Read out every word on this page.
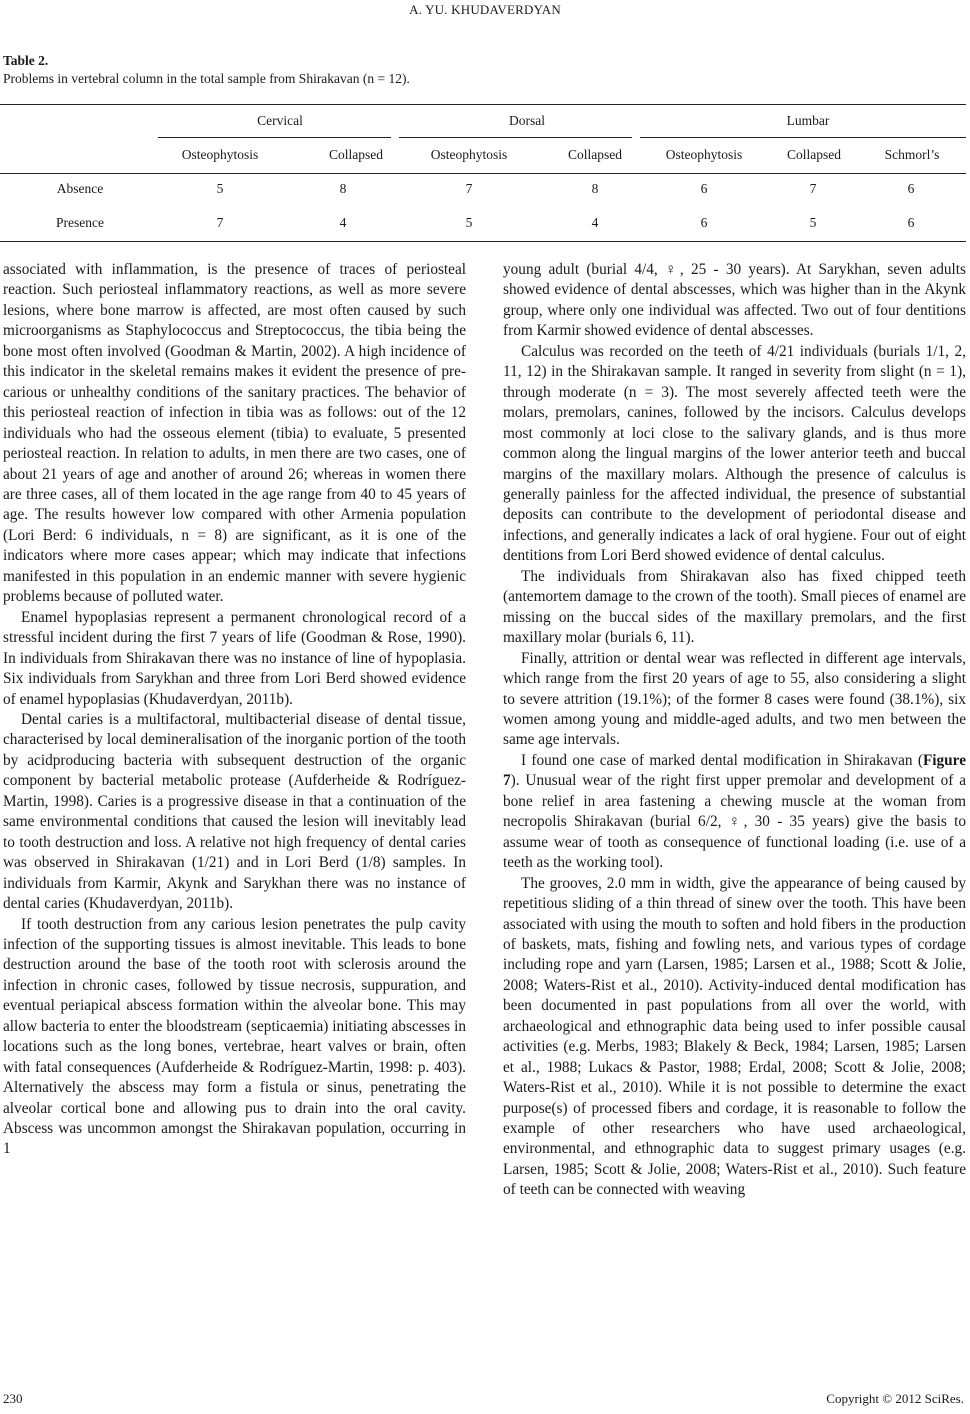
A. YU. KHUDAVERDYAN
Table 2.
Problems in vertebral column in the total sample from Shirakavan (n = 12).
Cervical	Dorsal	Lumbar
Osteophytosis	Collapsed	Osteophytosis	Collapsed	Osteophytosis	Collapsed	Schmorl’s
Absence	5	8	7	8	6	7	6
Presence	7	4	5	4	6	5	6

associated with inflammation, is the presence of traces of periosteal reaction. Such periosteal inflammatory reactions, as well as more severe lesions, where bone marrow is affected, are most often caused by such microorganisms as Staphylococcus and Streptococcus, the tibia being the bone most often involved (Goodman & Martin, 2002). A high incidence of this indicator in the skeletal remains makes it evident the presence of precarious or unhealthy conditions of the sanitary practices. The behavior of this periosteal reaction of infection in tibia was as follows: out of the 12 individuals who had the osseous element (tibia) to evaluate, 5 presented periosteal reaction. In relation to adults, in men there are two cases, one of about 21 years of age and another of around 26; whereas in women there are three cases, all of them located in the age range from 40 to 45 years of age. The results however low compared with other Armenia population (Lori Berd: 6 individuals, n = 8) are significant, as it is one of the indicators where more cases appear; which may indicate that infections manifested in this population in an endemic manner with severe hygienic problems because of polluted water.

Enamel hypoplasias represent a permanent chronological record of a stressful incident during the first 7 years of life (Goodman & Rose, 1990). In individuals from Shirakavan there was no instance of line of hypoplasia. Six individuals from Sarykhan and three from Lori Berd showed evidence of enamel hypoplasias (Khudaverdyan, 2011b).

Dental caries is a multifactoral, multibacterial disease of dental tissue, characterised by local demineralisation of the inorganic portion of the tooth by acidproducing bacteria with subsequent destruction of the organic component by bacterial metabolic protease (Aufderheide & Rodríguez-Martin, 1998). Caries is a progressive disease in that a continuation of the same environmental conditions that caused the lesion will inevitably lead to tooth destruction and loss. A relative not high frequency of dental caries was observed in Shirakavan (1/21) and in Lori Berd (1/8) samples. In individuals from Karmir, Akynk and Sarykhan there was no instance of dental caries (Khudaverdyan, 2011b).

If tooth destruction from any carious lesion penetrates the pulp cavity infection of the supporting tissues is almost inevitable. This leads to bone destruction around the base of the tooth root with sclerosis around the infection in chronic cases, followed by tissue necrosis, suppuration, and eventual periapical abscess formation within the alveolar bone. This may allow bacteria to enter the bloodstream (septicaemia) initiating abscesses in locations such as the long bones, vertebrae, heart valves or brain, often with fatal consequences (Aufderheide & Rodríguez-Martin, 1998: p. 403). Alternatively the abscess may form a fistula or sinus, penetrating the alveolar cortical bone and allowing pus to drain into the oral cavity. Abscess was uncommon amongst the Shirakavan population, occurring in 1

young adult (burial 4/4, ♀, 25 - 30 years). At Sarykhan, seven adults showed evidence of dental abscesses, which was higher than in the Akynk group, where only one individual was affected. Two out of four dentitions from Karmir showed evidence of dental abscesses.

Calculus was recorded on the teeth of 4/21 individuals (burials 1/1, 2, 11, 12) in the Shirakavan sample. It ranged in severity from slight (n = 1), through moderate (n = 3). The most severely affected teeth were the molars, premolars, canines, followed by the incisors. Calculus develops most commonly at loci close to the salivary glands, and is thus more common along the lingual margins of the lower anterior teeth and buccal margins of the maxillary molars. Although the presence of calculus is generally painless for the affected individual, the presence of substantial deposits can contribute to the development of periodontal disease and infections, and generally indicates a lack of oral hygiene. Four out of eight dentitions from Lori Berd showed evidence of dental calculus.

The individuals from Shirakavan also has fixed chipped teeth (antemortem damage to the crown of the tooth). Small pieces of enamel are missing on the buccal sides of the maxillary premolars, and the first maxillary molar (burials 6, 11).

Finally, attrition or dental wear was reflected in different age intervals, which range from the first 20 years of age to 55, also considering a slight to severe attrition (19.1%); of the former 8 cases were found (38.1%), six women among young and middle-aged adults, and two men between the same age intervals.

I found one case of marked dental modification in Shirakavan (Figure 7). Unusual wear of the right first upper premolar and development of a bone relief in area fastening a chewing muscle at the woman from necropolis Shirakavan (burial 6/2, ♀, 30 - 35 years) give the basis to assume wear of tooth as consequence of functional loading (i.e. use of a teeth as the working tool).

The grooves, 2.0 mm in width, give the appearance of being caused by repetitious sliding of a thin thread of sinew over the tooth. This have been associated with using the mouth to soften and hold fibers in the production of baskets, mats, fishing and fowling nets, and various types of cordage including rope and yarn (Larsen, 1985; Larsen et al., 1988; Scott & Jolie, 2008; Waters-Rist et al., 2010). Activity-induced dental modification has been documented in past populations from all over the world, with archaeological and ethnographic data being used to infer possible causal activities (e.g. Merbs, 1983; Blakely & Beck, 1984; Larsen, 1985; Larsen et al., 1988; Lukacs & Pastor, 1988; Erdal, 2008; Scott & Jolie, 2008; Waters-Rist et al., 2010). While it is not possible to determine the exact purpose(s) of processed fibers and cordage, it is reasonable to follow the example of other researchers who have used archaeological, environmental, and ethnographic data to suggest primary usages (e.g. Larsen, 1985; Scott & Jolie, 2008; Waters-Rist et al., 2010). Such feature of teeth can be connected with weaving

230	Copyright © 2012 SciRes.
